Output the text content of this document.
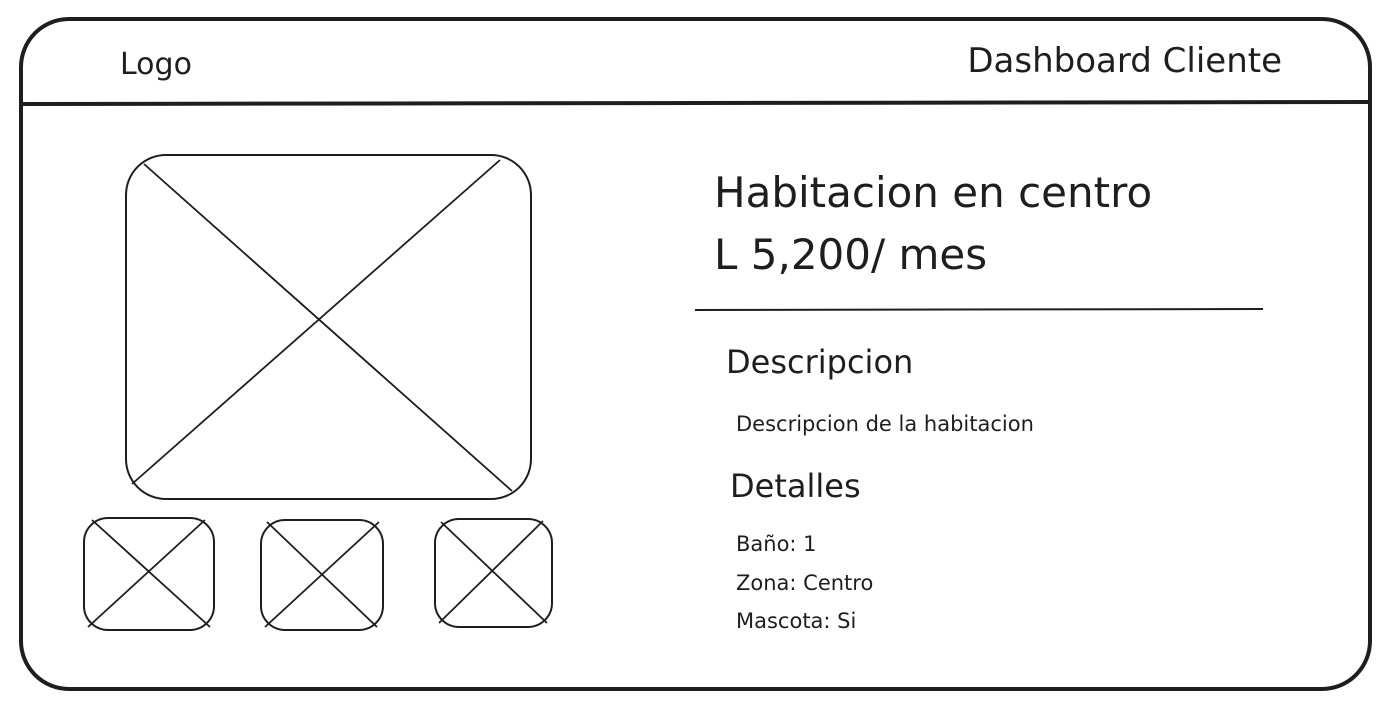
Logo	Dashboard Cliente
Habitacion en centro
L 5,200/ mes
Descripcion
Descripcion de la habitacion
Detalles
Baño: 1
Zona: Centro
Mascota: Si
